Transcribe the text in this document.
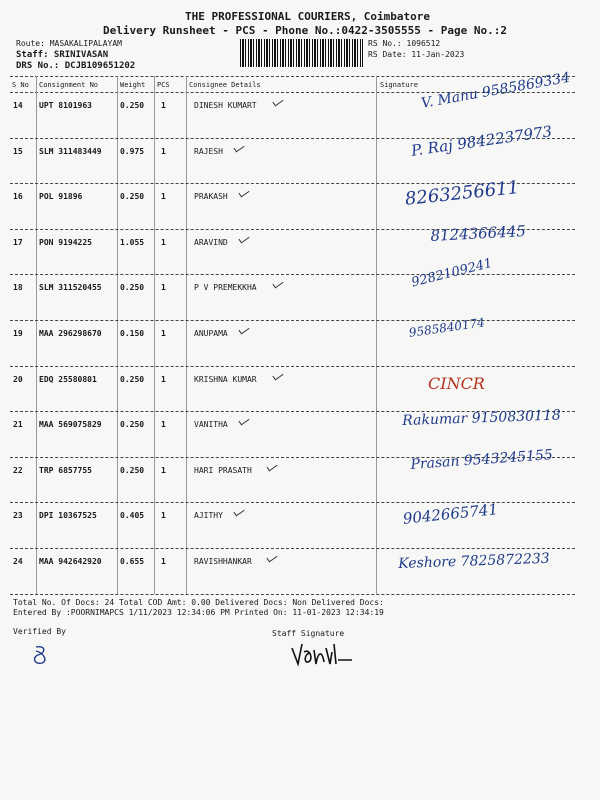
THE PROFESSIONAL COURIERS, Coimbatore
Delivery Runsheet - PCS - Phone No.:0422-3505555 - Page No.:2
Route: MASAKALIPALAYAM
Staff: SRINIVASAN
DRS No.: DCJB109651202
RS No.: 1096512
RS Date: 11-Jan-2023
S No Consignment No	Weight PCS	Consignee Details	Signature
14 UPT 8101963	0.250 1	DINESH KUMART	V. Manu 9585869334
15 SLM 311483449 0.975 1	RAJESH	P. Raj 9842237973
16 POL 91896	0.250 1	PRAKASH	8263256611
17 PON 9194225	1.055 1	ARAVIND	8124366445
18 SLM 311520455 0.250 1	P V PREMEKKHA	9282109241
19 MAA 296298670 0.150 1	ANUPAMA	9585840174
20 EDQ 25580801	0.250 1	KRISHNA KUMAR	CINCR
21 MAA 569075829 0.250 1	VANITHA	Rakumar 9150830118
22 TRP 6857755	0.250 1	HARI PRASATH	Prasan 9543245155
23 DPI 10367525	0.405 1	AJITHY	9042665741
24 MAA 942642920 0.655 1	RAVISHHANKAR	Keshore 7825872233
Total No. Of Docs: 24 Total COD Amt: 0.00 Delivered Docs: Non Delivered Docs:
Entered By :POORNIMAPCS 1/11/2023 12:34:06 PM Printed On: 11-01-2023 12:34:19
Verified By	Staff Signature
